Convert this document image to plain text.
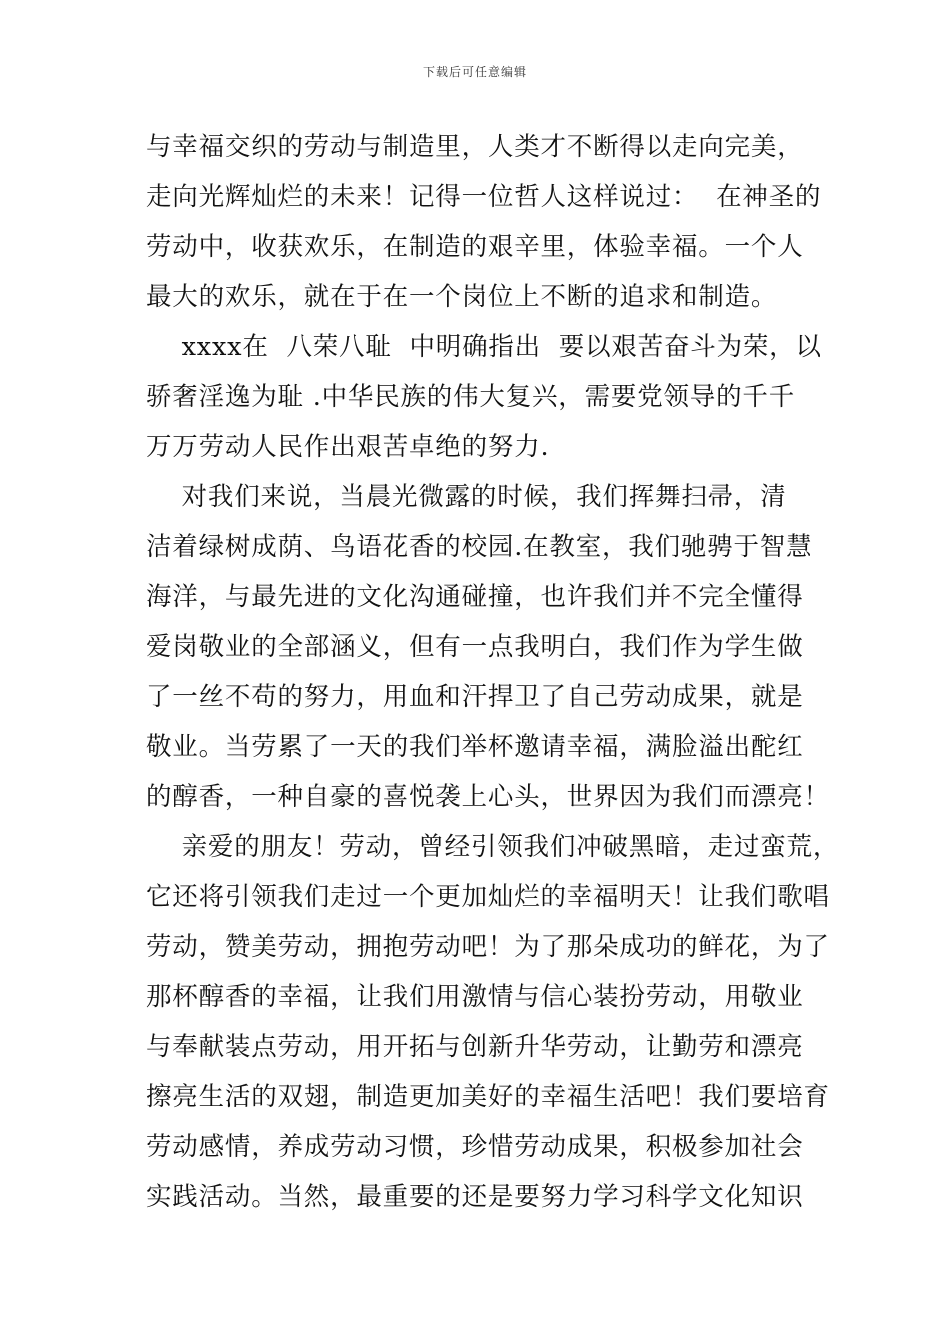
下载后可任意编辑
与幸福交织的劳动与制造里，人类才不断得以走向完美，
走向光辉灿烂的未来！记得一位哲人这样说过：  在神圣的
劳动中，收获欢乐，在制造的艰辛里，体验幸福。一个人
最大的欢乐，就在于在一个岗位上不断的追求和制造。
xxxx在  八荣八耻  中明确指出  要以艰苦奋斗为荣，以
骄奢淫逸为耻 .中华民族的伟大复兴，需要党领导的千千
万万劳动人民作出艰苦卓绝的努力.
对我们来说，当晨光微露的时候，我们挥舞扫帚，清
洁着绿树成荫、鸟语花香的校园.在教室，我们驰骋于智慧
海洋，与最先进的文化沟通碰撞，也许我们并不完全懂得
爱岗敬业的全部涵义，但有一点我明白，我们作为学生做
了一丝不苟的努力，用血和汗捍卫了自己劳动成果，就是
敬业。当劳累了一天的我们举杯邀请幸福，满脸溢出酡红
的醇香，一种自豪的喜悦袭上心头，世界因为我们而漂亮！
亲爱的朋友！劳动，曾经引领我们冲破黑暗，走过蛮荒，
它还将引领我们走过一个更加灿烂的幸福明天！让我们歌唱
劳动，赞美劳动，拥抱劳动吧！为了那朵成功的鲜花，为了
那杯醇香的幸福，让我们用激情与信心装扮劳动，用敬业
与奉献装点劳动，用开拓与创新升华劳动，让勤劳和漂亮
擦亮生活的双翅，制造更加美好的幸福生活吧！我们要培育
劳动感情，养成劳动习惯，珍惜劳动成果，积极参加社会
实践活动。当然，最重要的还是要努力学习科学文化知识
